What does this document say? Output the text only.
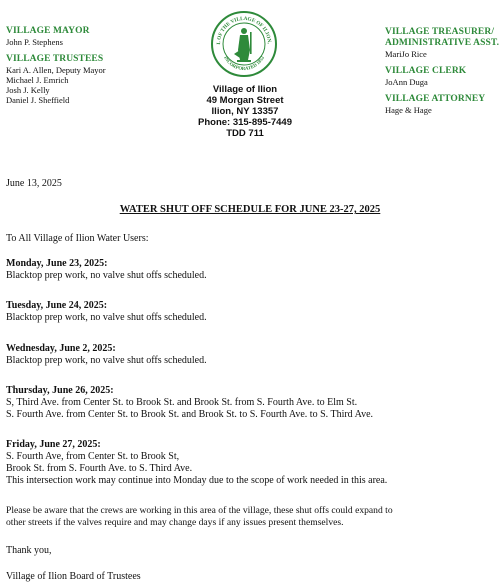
VILLAGE MAYOR
John P. Stephens
VILLAGE TRUSTEES
Kari A. Allen, Deputy Mayor
Michael J. Emrich
Josh J. Kelly
Daniel J. Sheffield
L OF THE VILLAGE OF ILION,
INCORPORATED 1852
Village of Ilion
49 Morgan Street
Ilion, NY 13357
Phone: 315-895-7449
TDD 711
VILLAGE TREASURER/
ADMINISTRATIVE ASST.
MariJo Rice
VILLAGE CLERK
JoAnn Duga
VILLAGE ATTORNEY
Hage & Hage
June 13, 2025
WATER SHUT OFF SCHEDULE FOR JUNE 23-27, 2025
To All Village of Ilion Water Users:
Monday, June 23, 2025:
Blacktop prep work, no valve shut offs scheduled.
Tuesday, June 24, 2025:
Blacktop prep work, no valve shut offs scheduled.
Wednesday, June 2, 2025:
Blacktop prep work, no valve shut offs scheduled.
Thursday, June 26, 2025:
S, Third Ave. from Center St. to Brook St. and Brook St. from S. Fourth Ave. to Elm St.
S. Fourth Ave. from Center St. to Brook St. and Brook St. to S. Fourth Ave. to S. Third Ave.
Friday, June 27, 2025:
S. Fourth Ave, from Center St. to Brook St,
Brook St. from S. Fourth Ave. to S. Third Ave.
This intersection work may continue into Monday due to the scope of work needed in this area.
Please be aware that the crews are working in this area of the village, these shut offs could expand to
other streets if the valves require and may change days if any issues present themselves.
Thank you,
Village of Ilion Board of Trustees
